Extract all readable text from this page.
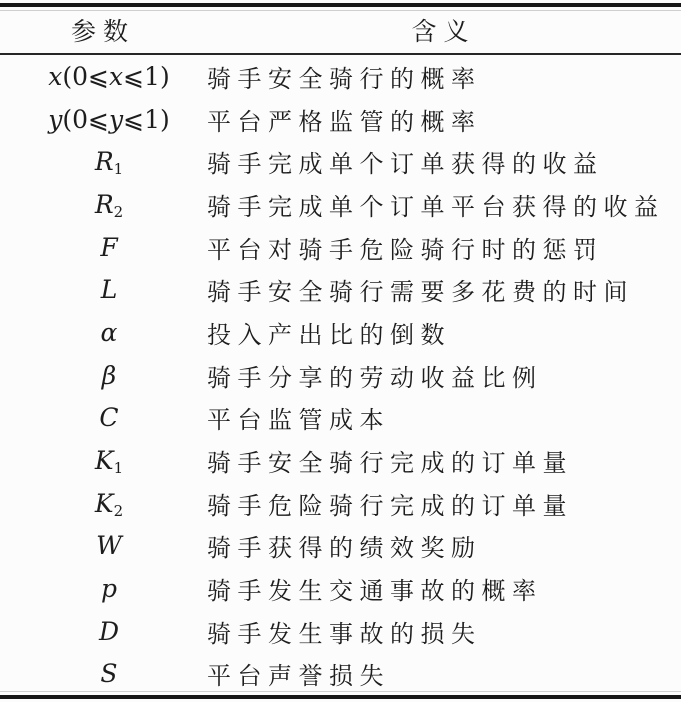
参数	含义
x(0⩽x⩽1)	骑手安全骑行的概率
y(0⩽y⩽1)	平台严格监管的概率
$R_1$	骑手完成单个订单获得的收益
$R_2$	骑手完成单个订单平台获得的收益
F	平台对骑手危险骑行时的惩罚
L	骑手安全骑行需要多花费的时间
α	投入产出比的倒数
β	骑手分享的劳动收益比例
C	平台监管成本
$K_1$	骑手安全骑行完成的订单量
$K_2$	骑手危险骑行完成的订单量
W	骑手获得的绩效奖励
p	骑手发生交通事故的概率
D	骑手发生事故的损失
S	平台声誉损失
